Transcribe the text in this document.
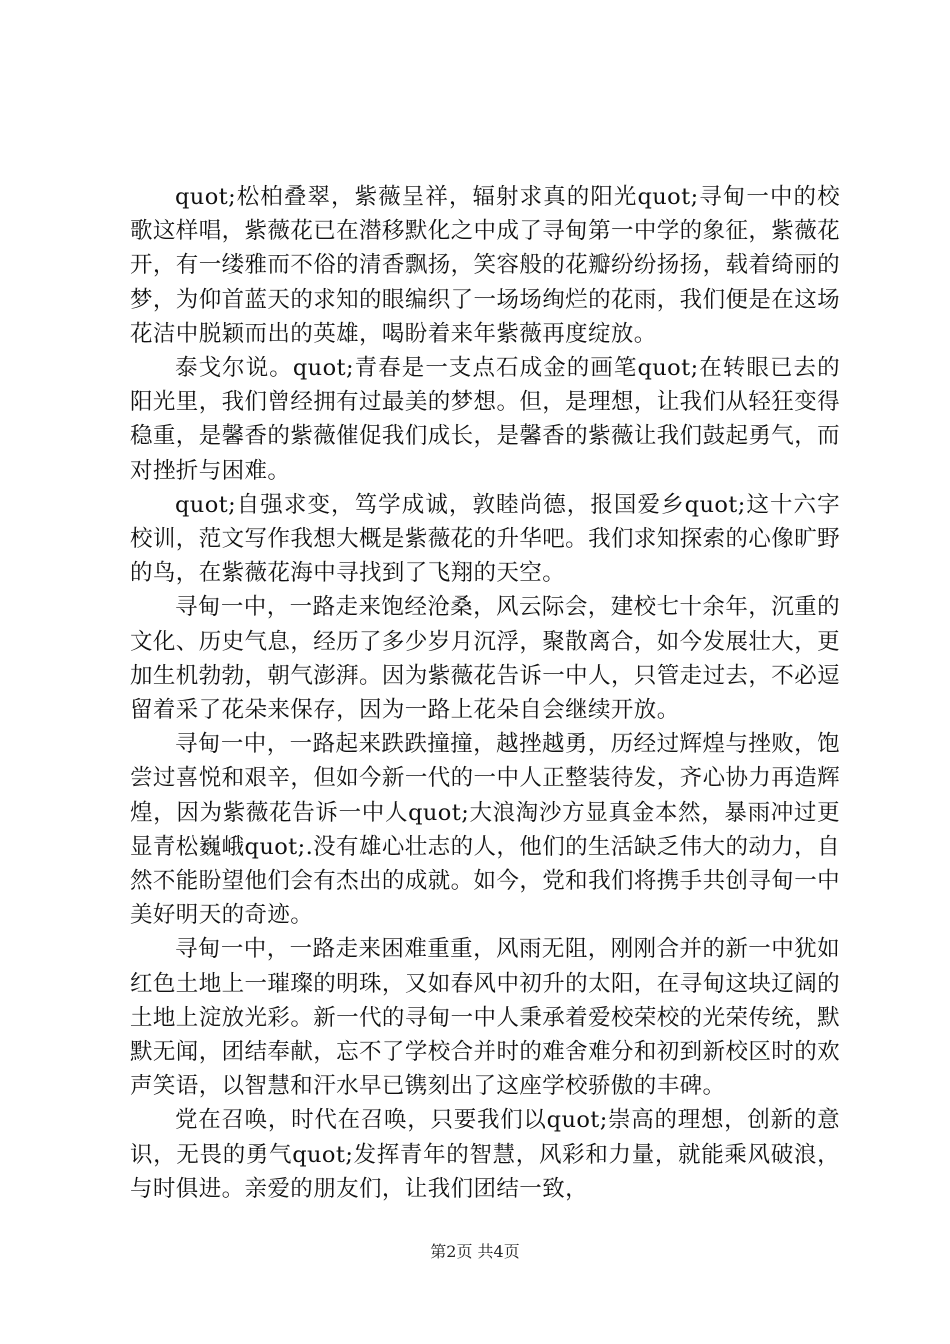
quot;松柏叠翠，紫薇呈祥，辐射求真的阳光quot;寻甸一中的校歌这样唱，紫薇花已在潜移默化之中成了寻甸第一中学的象征，紫薇花开，有一缕雅而不俗的清香飘扬，笑容般的花瓣纷纷扬扬，载着绮丽的梦，为仰首蓝天的求知的眼编织了一场场绚烂的花雨，我们便是在这场花洁中脱颖而出的英雄，喝盼着来年紫薇再度绽放。

泰戈尔说。quot;青春是一支点石成金的画笔quot;在转眼已去的阳光里，我们曾经拥有过最美的梦想。但，是理想，让我们从轻狂变得稳重，是馨香的紫薇催促我们成长，是馨香的紫薇让我们鼓起勇气，而对挫折与困难。

quot;自强求变，笃学成诚，敦睦尚德，报国爱乡quot;这十六字校训，范文写作我想大概是紫薇花的升华吧。我们求知探索的心像旷野的鸟，在紫薇花海中寻找到了飞翔的天空。

寻甸一中，一路走来饱经沧桑，风云际会，建校七十余年，沉重的文化、历史气息，经历了多少岁月沉浮，聚散离合，如今发展壮大，更加生机勃勃，朝气澎湃。因为紫薇花告诉一中人，只管走过去，不必逗留着采了花朵来保存，因为一路上花朵自会继续开放。

寻甸一中，一路起来跌跌撞撞，越挫越勇，历经过辉煌与挫败，饱尝过喜悦和艰辛，但如今新一代的一中人正整装待发，齐心协力再造辉煌，因为紫薇花告诉一中人quot;大浪淘沙方显真金本然，暴雨冲过更显青松巍峨quot;.没有雄心壮志的人，他们的生活缺乏伟大的动力，自然不能盼望他们会有杰出的成就。如今，党和我们将携手共创寻甸一中美好明天的奇迹。

寻甸一中，一路走来困难重重，风雨无阻，刚刚合并的新一中犹如红色土地上一璀璨的明珠，又如春风中初升的太阳，在寻甸这块辽阔的土地上淀放光彩。新一代的寻甸一中人秉承着爱校荣校的光荣传统，默默无闻，团结奉献，忘不了学校合并时的难舍难分和初到新校区时的欢声笑语，以智慧和汗水早已镌刻出了这座学校骄傲的丰碑。

党在召唤，时代在召唤，只要我们以quot;崇高的理想，创新的意识，无畏的勇气quot;发挥青年的智慧，风彩和力量，就能乘风破浪，与时俱进。亲爱的朋友们，让我们团结一致，

第2页 共4页
